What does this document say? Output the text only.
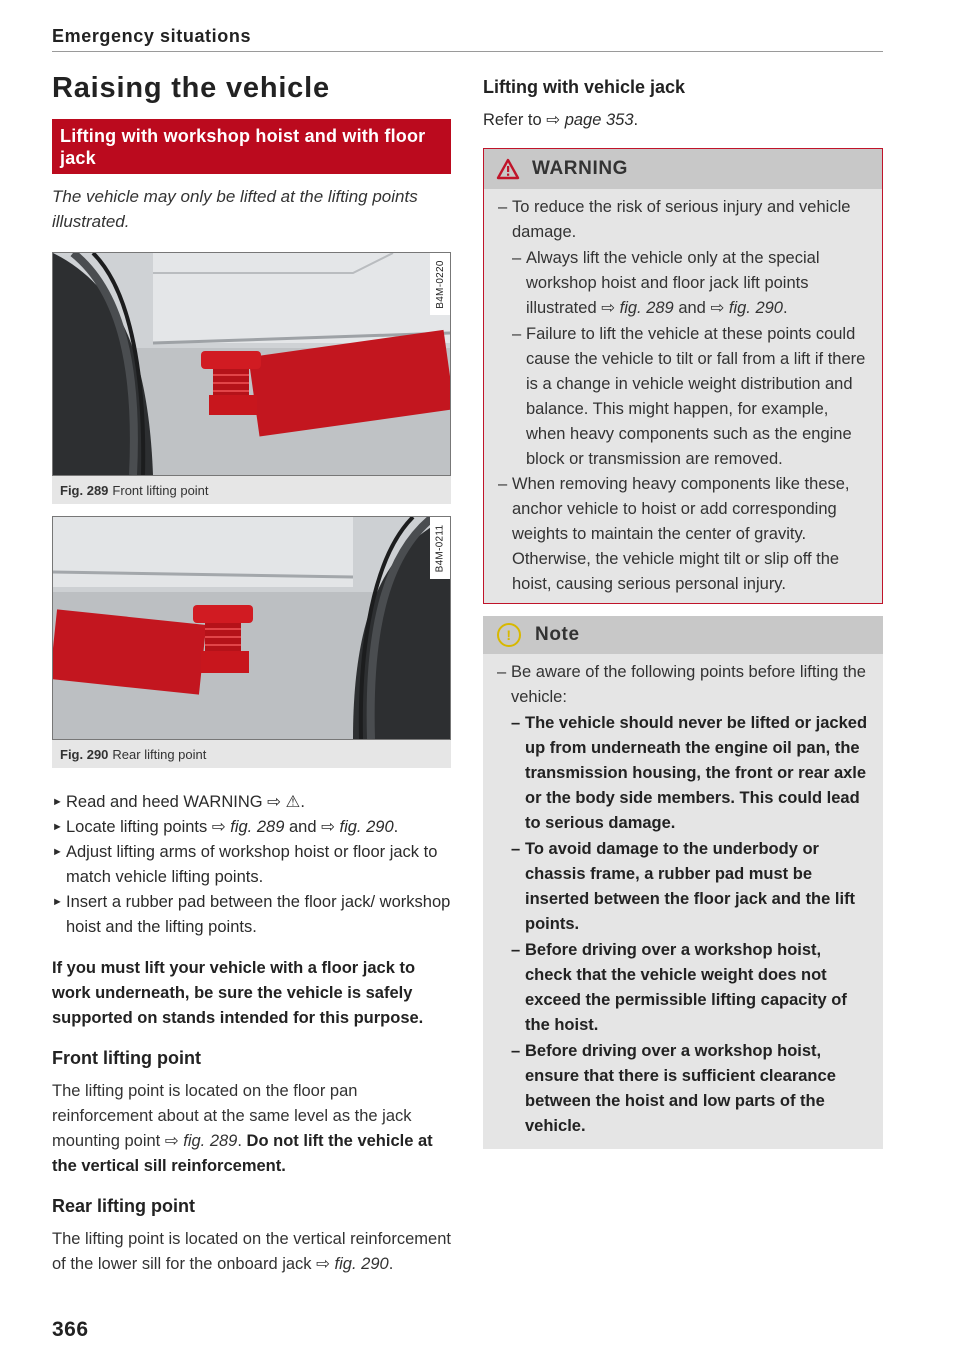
Emergency situations
Raising the vehicle
Lifting with workshop hoist and with floor jack
The vehicle may only be lifted at the lifting points illustrated.
B4M-0220
Fig. 289 Front lifting point
B4M-0211
Fig. 290 Rear lifting point
► Read and heed WARNING ⇨ ⚠.
► Locate lifting points ⇨ fig. 289 and ⇨ fig. 290.
► Adjust lifting arms of workshop hoist or floor jack to match vehicle lifting points.
► Insert a rubber pad between the floor jack/ workshop hoist and the lifting points.
If you must lift your vehicle with a floor jack to work underneath, be sure the vehicle is safely supported on stands intended for this purpose.
Front lifting point
The lifting point is located on the floor pan reinforcement about at the same level as the jack mounting point ⇨ fig. 289. Do not lift the vehicle at the vertical sill reinforcement.
Rear lifting point
The lifting point is located on the vertical reinforcement of the lower sill for the onboard jack ⇨ fig. 290.
366
Lifting with vehicle jack
Refer to ⇨ page 353.
WARNING
– To reduce the risk of serious injury and vehicle damage.
– Always lift the vehicle only at the special workshop hoist and floor jack lift points illustrated ⇨ fig. 289 and ⇨ fig. 290.
– Failure to lift the vehicle at these points could cause the vehicle to tilt or fall from a lift if there is a change in vehicle weight distribution and balance. This might happen, for example, when heavy components such as the engine block or transmission are removed.
– When removing heavy components like these, anchor vehicle to hoist or add corresponding weights to maintain the center of gravity. Otherwise, the vehicle might tilt or slip off the hoist, causing serious personal injury.
!	Note
– Be aware of the following points before lifting the vehicle:
– The vehicle should never be lifted or jacked up from underneath the engine oil pan, the transmission housing, the front or rear axle or the body side members. This could lead to serious damage.
– To avoid damage to the underbody or chassis frame, a rubber pad must be inserted between the floor jack and the lift points.
– Before driving over a workshop hoist, check that the vehicle weight does not exceed the permissible lifting capacity of the hoist.
– Before driving over a workshop hoist, ensure that there is sufficient clearance between the hoist and low parts of the vehicle.
